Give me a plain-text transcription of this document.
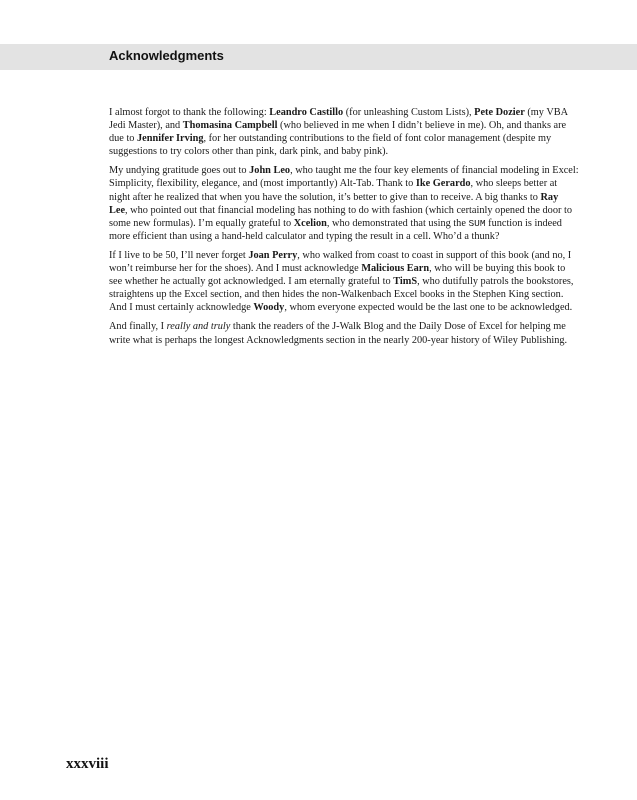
Acknowledgments

I almost forgot to thank the following: Leandro Castillo (for unleashing Custom Lists), Pete Dozier (my VBA Jedi Master), and Thomasina Campbell (who believed in me when I didn’t believe in me). Oh, and thanks are due to Jennifer Irving, for her outstanding contributions to the field of font color management (despite my suggestions to try colors other than pink, dark pink, and baby pink).

My undying gratitude goes out to John Leo, who taught me the four key elements of financial modeling in Excel: Simplicity, flexibility, elegance, and (most importantly) Alt-Tab. Thank to Ike Gerardo, who sleeps better at night after he realized that when you have the solution, it’s better to give than to receive. A big thanks to Ray Lee, who pointed out that financial modeling has nothing to do with fashion (which certainly opened the door to some new formulas). I’m equally grateful to Xcelion, who demonstrated that using the SUM function is indeed more efficient than using a hand-held calculator and typing the result in a cell. Who’d a thunk?

If I live to be 50, I’ll never forget Joan Perry, who walked from coast to coast in support of this book (and no, I won’t reimburse her for the shoes). And I must acknowledge Malicious Earn, who will be buying this book to see whether he actually got acknowledged. I am eternally grateful to TimS, who dutifully patrols the bookstores, straightens up the Excel section, and then hides the non-Walkenbach Excel books in the Stephen King section. And I must certainly acknowledge Woody, whom everyone expected would be the last one to be acknowledged.

And finally, I really and truly thank the readers of the J-Walk Blog and the Daily Dose of Excel for helping me write what is perhaps the longest Acknowledgments section in the nearly 200-year history of Wiley Publishing.

xxxviii
